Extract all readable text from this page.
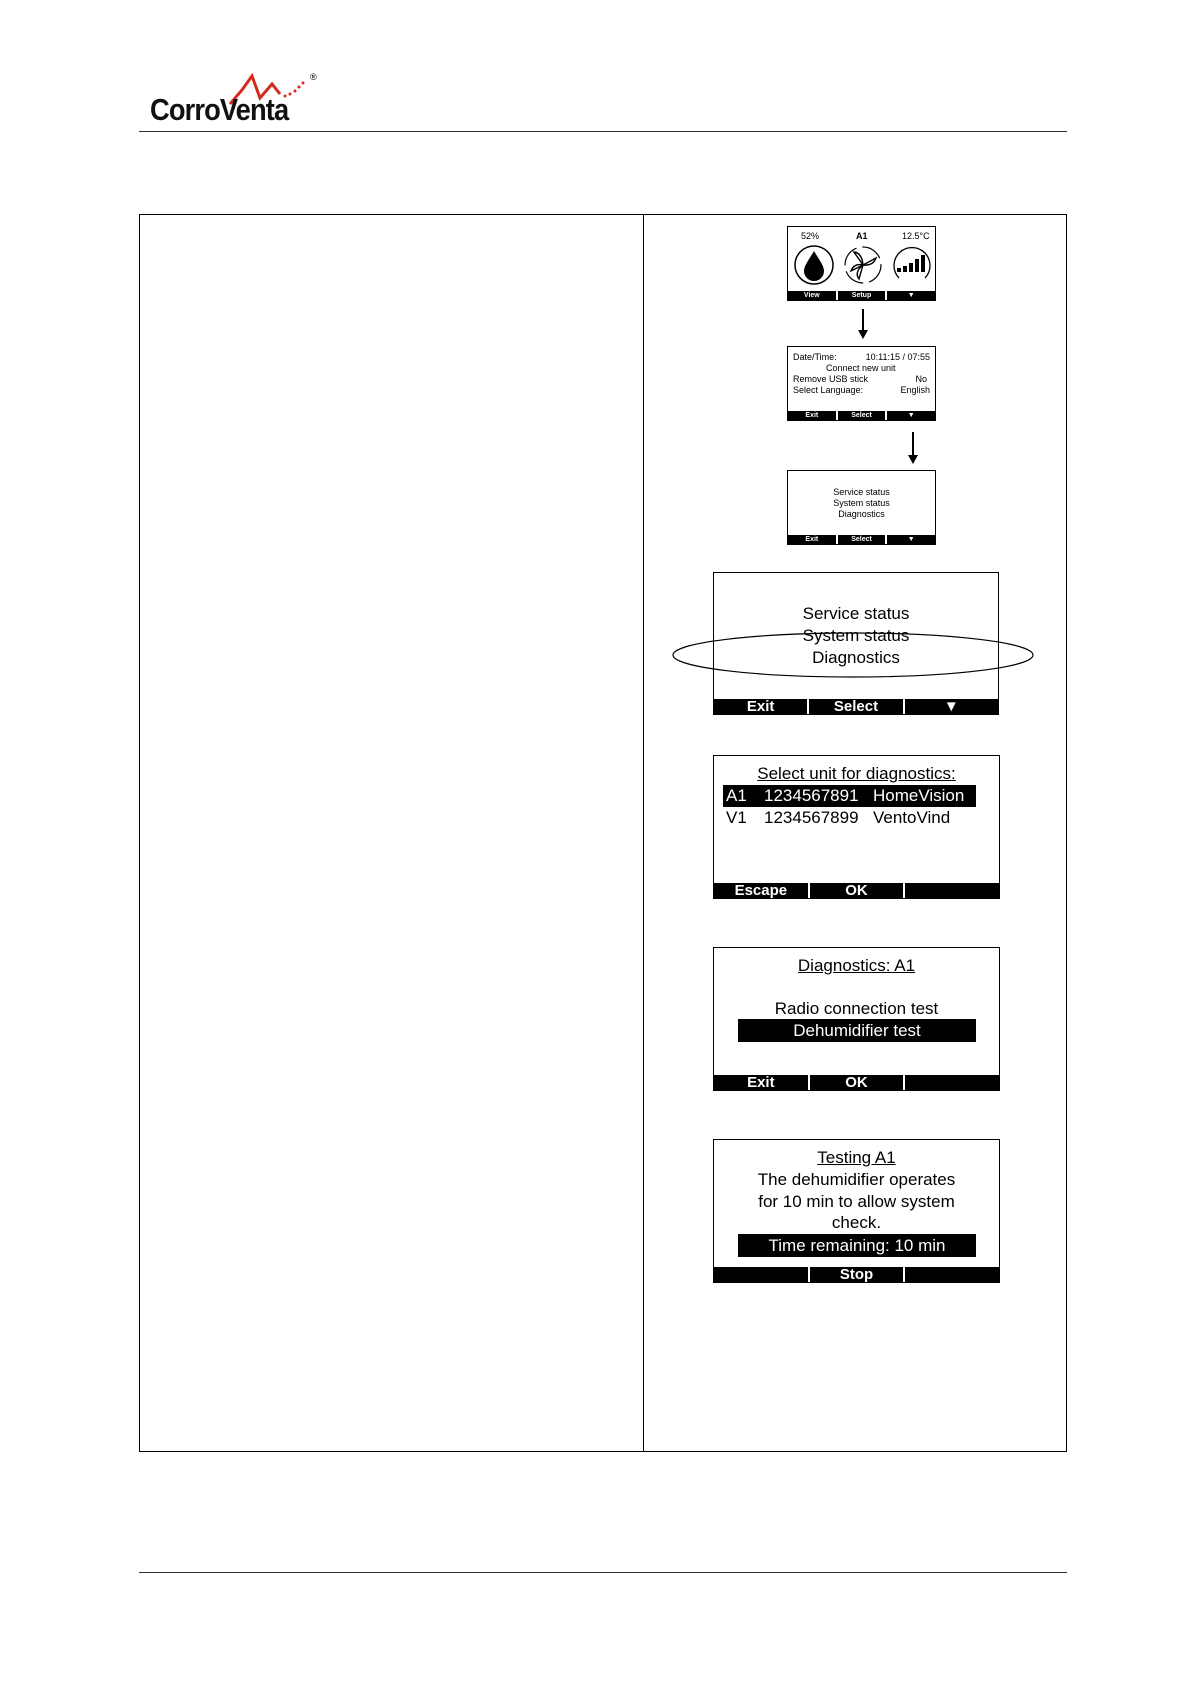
®
CorroVenta
52%	A1	12.5°C
View	Setup	▼
Date/Time:	10:11:15 / 07:55
Connect new unit
Remove USB stick	No
Select Language:	English
Exit	Select	▼
Service status
System status
Diagnostics
Exit	Select	▼
Service status
System status
Diagnostics
Exit	Select	▼
Select unit for diagnostics:
A1 1234567891 HomeVision
V1 1234567899 VentoVind
Escape	OK
Diagnostics: A1
Radio connection test
Dehumidifier test
Exit	OK
Testing A1
The dehumidifier operates
for 10 min to allow system
check.
Time remaining: 10 min
Stop
